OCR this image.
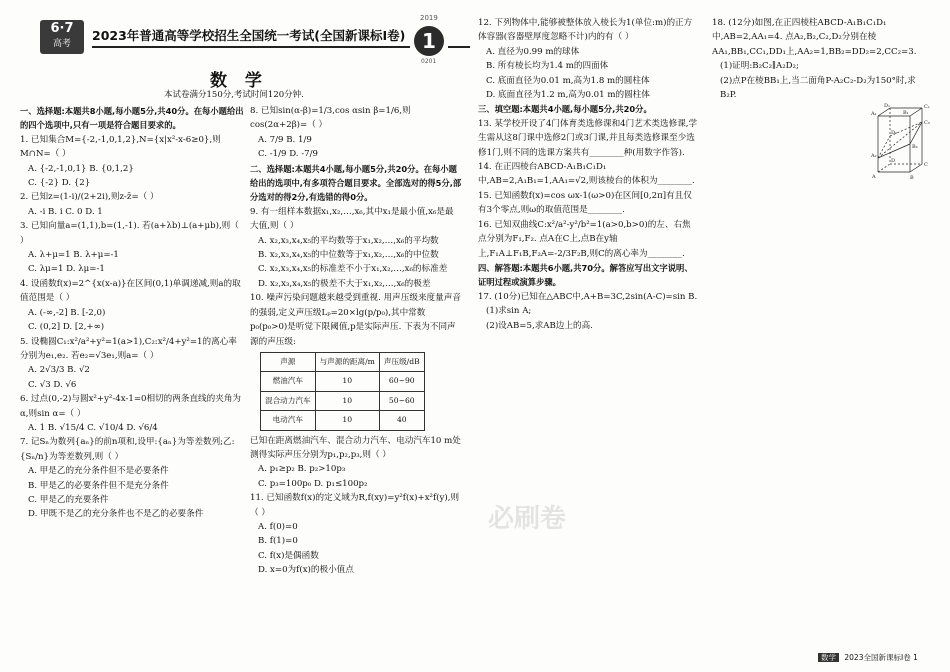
6·7
高考
2023年普通高等学校招生全国统一考试(全国新课标Ⅰ卷)
2019
1
0201
数 学
本试卷满分150分,考试时间120分钟.

一、选择题:本题共8小题,每小题5分,共40分。在每小题给出的四个选项中,只有一项是符合题目要求的。

1. 已知集合M={-2,-1,0,1,2},N={x|x²-x-6≥0},则M∩N=（ ）

A. {-2,-1,0,1} B. {0,1,2}

C. {-2} D. {2}

2. 已知z=(1-i)/(2+2i),则z-z̄=（ ）

A. -i B. i C. 0 D. 1

3. 已知向量a=(1,1),b=(1,-1). 若(a+λb)⊥(a+μb),则（ ）

A. λ+μ=1 B. λ+μ=-1

C. λμ=1 D. λμ=-1

4. 设函数f(x)=2^{x(x-a)}在区间(0,1)单调递减,则a的取值范围是（ ）

A. (-∞,-2] B. [-2,0)

C. (0,2] D. [2,+∞)

5. 设椭圆C₁:x²/a²+y²=1(a>1),C₂:x²/4+y²=1的离心率分别为e₁,e₂. 若e₂=√3e₁,则a=（ ）

A. 2√3/3 B. √2

C. √3 D. √6

6. 过点(0,-2)与圆x²+y²-4x-1=0相切的两条直线的夹角为α,则sin α=（ ）

A. 1 B. √15/4 C. √10/4 D. √6/4

7. 记Sₙ为数列{aₙ}的前n项和,设甲:{aₙ}为等差数列;乙:{Sₙ/n}为等差数列,则（ ）

A. 甲是乙的充分条件但不是必要条件

B. 甲是乙的必要条件但不是充分条件

C. 甲是乙的充要条件

D. 甲既不是乙的充分条件也不是乙的必要条件

8. 已知sin(α-β)=1/3,cos αsin β=1/6,则cos(2α+2β)=（ ）

A. 7/9 B. 1/9

C. -1/9 D. -7/9

二、选择题:本题共4小题,每小题5分,共20分。在每小题给出的选项中,有多项符合题目要求。全部选对的得5分,部分选对的得2分,有选错的得0分。

9. 有一组样本数据x₁,x₂,…,x₆,其中x₁是最小值,x₆是最大值,则（ ）

A. x₂,x₃,x₄,x₅的平均数等于x₁,x₂,…,x₆的平均数

B. x₂,x₃,x₄,x₅的中位数等于x₁,x₂,…,x₆的中位数

C. x₂,x₃,x₄,x₅的标准差不小于x₁,x₂,…,x₆的标准差

D. x₂,x₃,x₄,x₅的极差不大于x₁,x₂,…,x₆的极差

10. 噪声污染问题越来越受到重视. 用声压级来度量声音的强弱,定义声压级Lₚ=20×lg(p/p₀),其中常数p₀(p₀>0)是听觉下限阈值,p是实际声压. 下表为不同声源的声压级:

声源	与声源的距离/m	声压级/dB
燃油汽车	10	60~90
混合动力汽车	10	50~60
电动汽车	10	40

已知在距离燃油汽车、混合动力汽车、电动汽车10 m处测得实际声压分别为p₁,p₂,p₃,则（ ）

A. p₁≥p₂ B. p₂>10p₃

C. p₃=100p₀ D. p₁≤100p₂

11. 已知函数f(x)的定义域为R,f(xy)=y²f(x)+x²f(y),则（ ）

A. f(0)=0

B. f(1)=0

C. f(x)是偶函数

D. x=0为f(x)的极小值点

12. 下列物体中,能够被整体放入棱长为1(单位:m)的正方体容器(容器壁厚度忽略不计)内的有（ ）

A. 直径为0.99 m的球体

B. 所有棱长均为1.4 m的四面体

C. 底面直径为0.01 m,高为1.8 m的圆柱体

D. 底面直径为1.2 m,高为0.01 m的圆柱体

三、填空题:本题共4小题,每小题5分,共20分。

13. 某学校开设了4门体育类选修课和4门艺术类选修课,学生需从这8门课中选修2门或3门课,并且每类选修课至少选修1门,则不同的选课方案共有________种(用数字作答).

14. 在正四棱台ABCD-A₁B₁C₁D₁中,AB=2,A₁B₁=1,AA₁=√2,则该棱台的体积为________.

15. 已知函数f(x)=cos ωx-1(ω>0)在区间[0,2π]有且仅有3个零点,则ω的取值范围是________.

16. 已知双曲线C:x²/a²-y²/b²=1(a>0,b>0)的左、右焦点分别为F₁,F₂. 点A在C上,点B在y轴上,F₁A⊥F₁B,F₂A=-2/3F₂B,则C的离心率为________.

四、解答题:本题共6小题,共70分。解答应写出文字说明、证明过程或演算步骤。

17. (10分)已知在△ABC中,A+B=3C,2sin(A-C)=sin B.

(1)求sin A;

(2)设AB=5,求AB边上的高.

18. (12分)如图,在正四棱柱ABCD-A₁B₁C₁D₁中,AB=2,AA₁=4. 点A₂,B₂,C₂,D₂分别在棱AA₁,BB₁,CC₁,DD₁上,AA₂=1,BB₂=DD₂=2,CC₂=3.

(1)证明:B₂C₂∥A₂D₂;

(2)点P在棱BB₁上,当二面角P-A₂C₂-D₂为150°时,求B₂P.

A₁	B₁
C₁
D₁
A	B
C
D
A₂
B₂
C₂
D₂
必刷卷
数学 2023全国新课标Ⅰ卷 1
